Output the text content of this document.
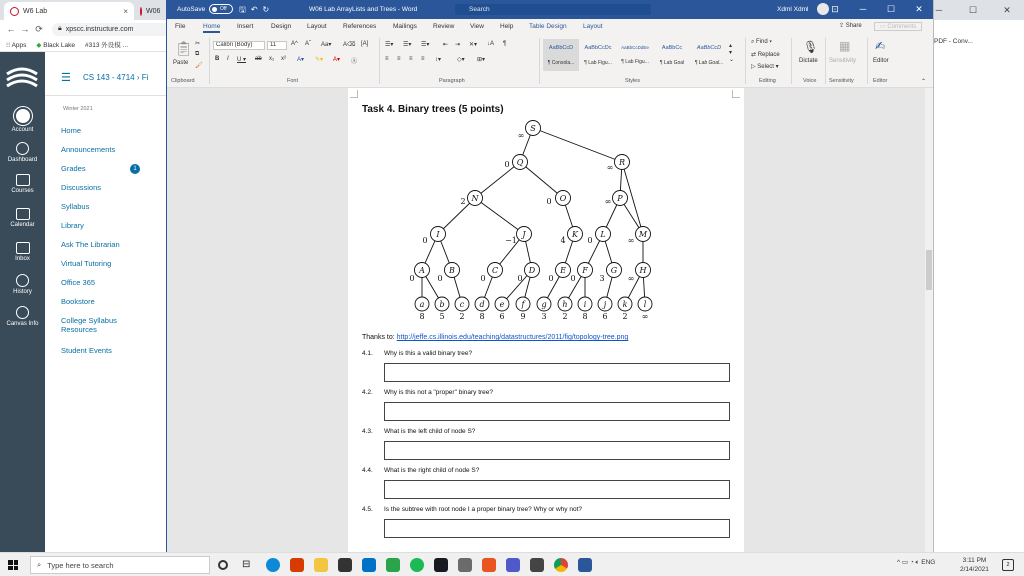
W6 Lab	×	W06	─	☐	✕
← → ⟳	🔒︎ xpscc.instructure.com
⁝⁝ Apps ◆ Black Lake #313 外设模 ...
Account
Dashboard
Courses
Calendar
Inbox
History
Canvas Info
☰ CS 143 - 4714 › Fi
Winter 2021
Home
Announcements
Grades	1
Discussions
Syllabus
Library
Ask The Librarian
Virtual Tutoring
Office 365
Bookstore
College Syllabus Resources
Student Events
AutoSave	Off	🖫︎↶↻	W06 Lab ArrayLists and Trees - Word	Search	Xdml Xdml	⊡	─	☐	✕
File	Home	Insert	Design Layout	References	Mailings Review View Help Table Design	Layout	⇪ Share	▭ Comments
📋︎
Paste
✂
⧉
🖌︎
Clipboard
Calibri (Body)	11	A^ Aˇ Aa▾ A⌫ [A]
B I U ▾ ab x₂ x² A▾ ✎▾ A▾ Ⓐ
Font
☰▾ ☰▾ ☰▾ ⇤ ⇥ ✕▾ ↓A ¶
≡ ≡ ≡ ≡ ↕▾	◇▾ ⊞▾
Paragraph
AaBbCcD
¶ Consola...
AaBbCcDc
¶ Lab Figu...
AaBbCcDdEe
¶ Lab Figu...
AaBbCc
¶ Lab Goal
AaBbCcD
¶ Lab Goal...
▴
▾
⌄
Styles
⌕ Find ▾
⇄ Replace
▷ Select ▾
Editing
🎙︎
Dictate
Voice
▦
Sensitivity
Sensitivity
✍︎
Editor
Editor	⌃
Task 4. Binary trees (5 points)
S
∞
Q
0	R
∞
N
2	O
0	P
∞
I
0
J
−1
K
4
L
0
M
∞
A
0
B
0
C
0
D
0
E
0
F
0
G
3
H
∞
a
8
b
5
c
2
d
8
e
6
f
9
g
3
h
2
i
8
j
6
k
2
l
∞
Thanks to: http://jeffe.cs.illinois.edu/teaching/datastructures/2011/fig/topology-tree.png
4.1. Why is this a valid binary tree?
4.2. Why is this not a "proper" binary tree?
4.3. What is the left child of node S?
4.4. What is the right child of node S?
4.5. Is the subtree with root node I a proper binary tree? Why or why not?
PDF - Conv...
⌕ Type here to search	⊟	^ ▭ ◔ 🔈︎ ENG	3:11 PM
2/14/2021
2
